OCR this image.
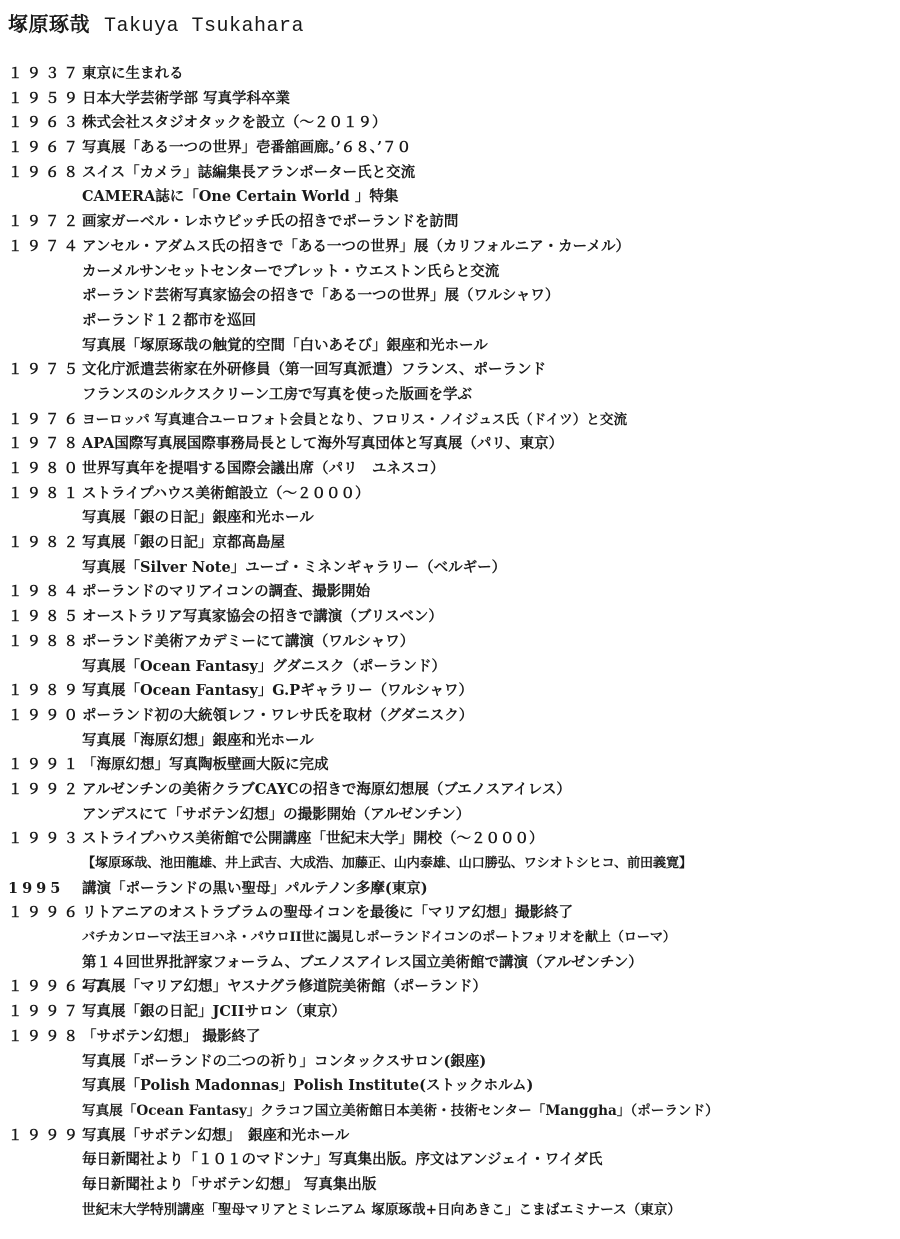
塚原琢哉 Takuya Tsukahara
１９３７ 東京に生まれる
１９５９ 日本大学芸術学部 写真学科卒業
１９６３ 株式会社スタジオタックを設立（～２０１９）
１９６７ 写真展「ある一つの世界」壱番舘画廊。’６８、’７０
１９６８ スイス「カメラ」誌編集長アランポーター氏と交流
CAMERA誌に「One Certain World 」特集
１９７２ 画家ガーベル・レホウビッチ氏の招きでポーランドを訪問
１９７４ アンセル・アダムス氏の招きで「ある一つの世界」展（カリフォルニア・カーメル）
カーメルサンセットセンターでブレット・ウエストン氏らと交流
ポーランド芸術写真家協会の招きで「ある一つの世界」展（ワルシャワ）
ポーランド１２都市を巡回
写真展「塚原琢哉の触覚的空間「白いあそび」銀座和光ホール
１９７５ 文化庁派遣芸術家在外研修員（第一回写真派遣）フランス、ポーランド
フランスのシルクスクリーン工房で写真を使った版画を学ぶ
１９７６ ヨーロッパ 写真連合ユーロフォト会員となり、フロリス・ノイジュス氏（ドイツ）と交流
１９７８ APA国際写真展国際事務局長として海外写真団体と写真展（パリ、東京）
１９８０ 世界写真年を提唱する国際会議出席（パリ　ユネスコ）
１９８１ ストライプハウス美術館設立（～２０００）
写真展「銀の日記」銀座和光ホール
１９８２ 写真展「銀の日記」京都高島屋
写真展「Silver Note」ユーゴ・ミネンギャラリー（ベルギー）
１９８４ ポーランドのマリアイコンの調査、撮影開始
１９８５ オーストラリア写真家協会の招きで講演（ブリスベン）
１９８８ ポーランド美術アカデミーにて講演（ワルシャワ）
写真展「Ocean Fantasy」グダニスク（ポーランド）
１９８９ 写真展「Ocean Fantasy」G.Pギャラリー（ワルシャワ）
１９９０ ポーランド初の大統領レフ・ワレサ氏を取材（グダニスク）
写真展「海原幻想」銀座和光ホール
１９９１ 「海原幻想」写真陶板壁画大阪に完成
１９９２ アルゼンチンの美術クラブCAYCの招きで海原幻想展（ブエノスアイレス）
アンデスにて「サボテン幻想」の撮影開始（アルゼンチン）
１９９３ ストライプハウス美術館で公開講座「世紀末大学」開校（～２０００）
【塚原琢哉、池田龍雄、井上武吉、大成浩、加藤正、山内泰雄、山口勝弘、ワシオトシヒコ、前田義寛】
1995 講演「ポーランドの黒い聖母」パルテノン多摩(東京)
１９９６ リトアニアのオストラブラムの聖母イコンを最後に「マリア幻想」撮影終了
バチカンローマ法王ヨハネ・パウロII世に謁見しポーランドイコンのポートフォリオを献上（ローマ）
第１４回世界批評家フォーラム、ブエノスアイレス国立美術館で講演（アルゼンチン）
１９９６-７
写真展「マリア幻想」ヤスナグラ修道院美術館（ポーランド）
１９９７ 写真展「銀の日記」JCIIサロン（東京）
１９９８ 「サボテン幻想」 撮影終了
写真展「ポーランドの二つの祈り」コンタックスサロン(銀座)
写真展「Polish Madonnas」Polish Institute(ストックホルム)
写真展「Ocean Fantasy」クラコフ国立美術館日本美術・技術センター「Manggha」（ポーランド）
１９９９ 写真展「サボテン幻想」　銀座和光ホール
毎日新聞社より「１０１のマドンナ」写真集出版。序文はアンジェイ・ワイダ氏
毎日新聞社より「サボテン幻想」 写真集出版
世紀末大学特別講座「聖母マリアとミレニアム 塚原琢哉+日向あきこ」こまばエミナース（東京）
